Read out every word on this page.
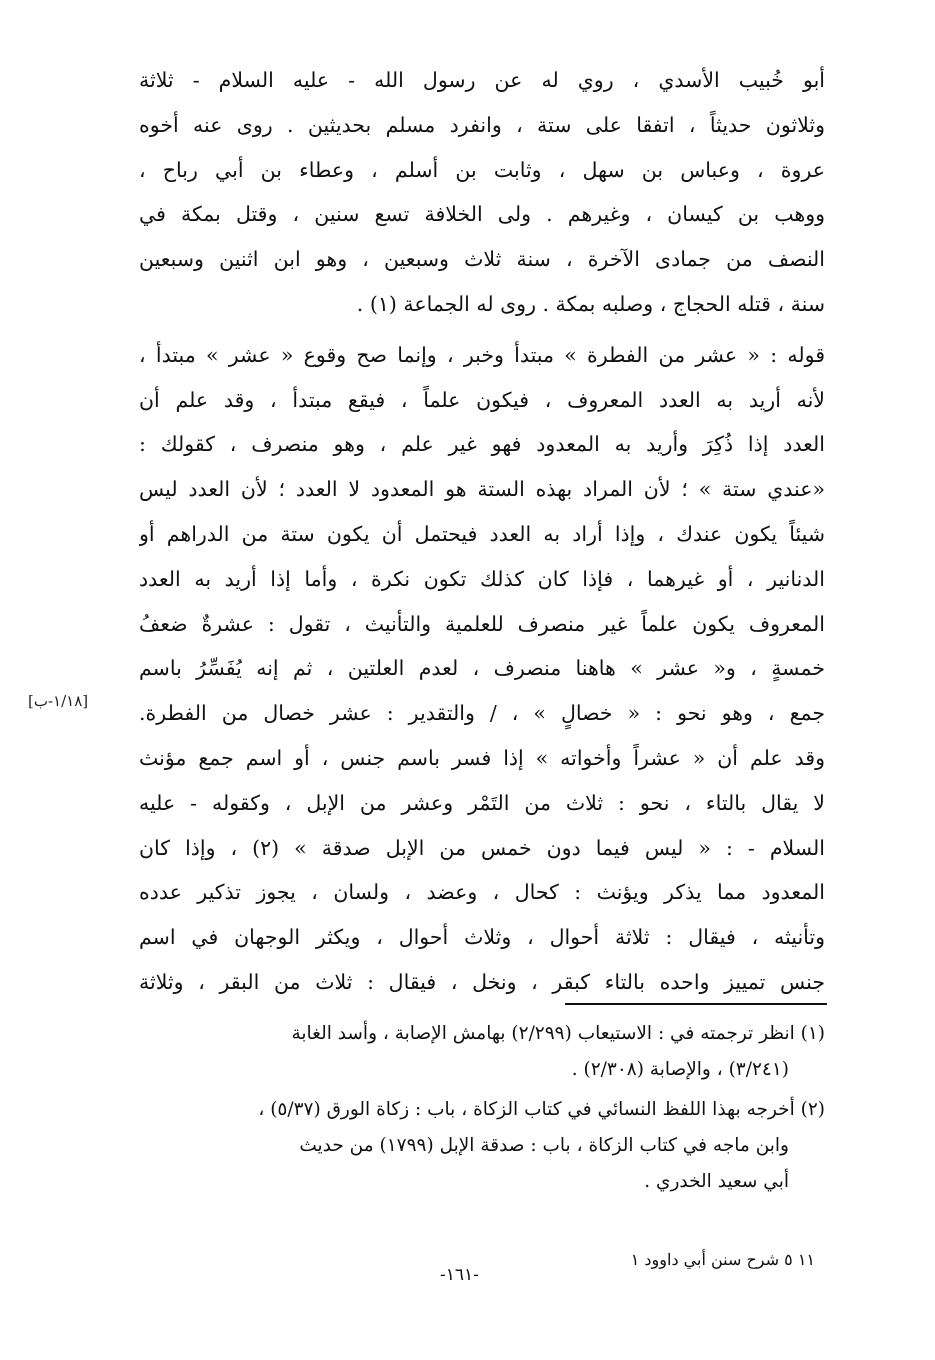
أبو خُبيب الأسدي ، روي له عن رسول الله - عليه السلام - ثلاثة
وثلاثون حديثاً ، اتفقا على ستة ، وانفرد مسلم بحديثين . روى عنه أخوه
عروة ، وعباس بن سهل ، وثابت بن أسلم ، وعطاء بن أبي رباح ،
ووهب بن كيسان ، وغيرهم . ولى الخلافة تسع سنين ، وقتل بمكة في
النصف من جمادى الآخرة ، سنة ثلاث وسبعين ، وهو ابن اثنين وسبعين
سنة ، قتله الحجاج ، وصلبه بمكة . روى له الجماعة (١) .
قوله : « عشر من الفطرة » مبتدأ وخبر ، وإنما صح وقوع « عشر » مبتدأ ،
لأنه أريد به العدد المعروف ، فيكون علماً ، فيقع مبتدأ ، وقد علم أن
العدد إذا ذُكِرَ وأريد به المعدود فهو غير علم ، وهو منصرف ، كقولك :
«عندي ستة » ؛ لأن المراد بهذه الستة هو المعدود لا العدد ؛ لأن العدد ليس
شيئاً يكون عندك ، وإذا أراد به العدد فيحتمل أن يكون ستة من الدراهم أو
الدنانير ، أو غيرهما ، فإذا كان كذلك تكون نكرة ، وأما إذا أريد به العدد
المعروف يكون علماً غير منصرف للعلمية والتأنيث ، تقول : عشرةٌ ضعفُ
خمسةٍ ، و« عشر » هاهنا منصرف ، لعدم العلتين ، ثم إنه يُفَسِّرُ باسم
جمع ، وهو نحو : « خصالٍ » ، / والتقدير : عشر خصال من الفطرة.
وقد علم أن « عشراً وأخواته » إذا فسر باسم جنس ، أو اسم جمع مؤنث
لا يقال بالتاء ، نحو : ثلاث من التَمْر وعشر من الإبل ، وكقوله - عليه
السلام - : « ليس فيما دون خمس من الإبل صدقة » (٢) ، وإذا كان
المعدود مما يذكر ويؤنث : كحال ، وعضد ، ولسان ، يجوز تذكير عدده
وتأنيثه ، فيقال : ثلاثة أحوال ، وثلاث أحوال ، ويكثر الوجهان في اسم
جنس تمييز واحده بالتاء كبقر ، ونخل ، فيقال : ثلاث من البقر ، وثلاثة
[١/١٨-ب]
(١) انظر ترجمته في : الاستيعاب (٢/٢٩٩) بهامش الإصابة ، وأسد الغابة
(٣/٢٤١) ، والإصابة (٢/٣٠٨) .
(٢) أخرجه بهذا اللفظ النسائي في كتاب الزكاة ، باب : زكاة الورق (٥/٣٧) ،
وابن ماجه في كتاب الزكاة ، باب : صدقة الإبل (١٧٩٩) من حديث
أبي سعيد الخدري .
١١ ٥ شرح سنن أبي داوود ١
-١٦١-
